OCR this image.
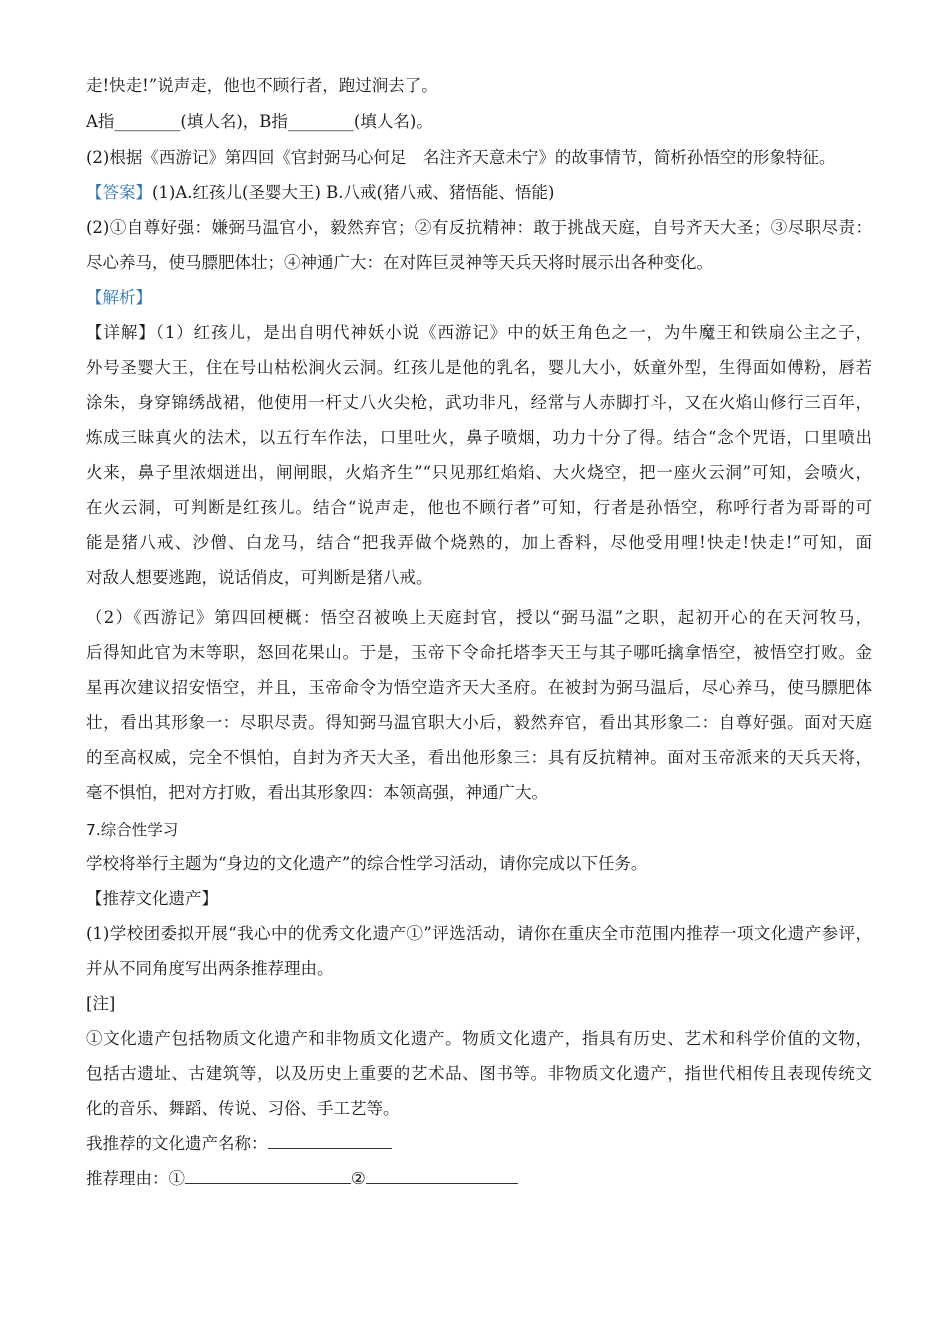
走!快走!”说声走，他也不顾行者，跑过涧去了。
A指________(填人名)，B指________(填人名)。
(2)根据《西游记》第四回《官封弼马心何足　名注齐天意未宁》的故事情节，简析孙悟空的形象特征。
【答案】(1)A.红孩儿(圣婴大王) B.八戒(猪八戒、猪悟能、悟能)
(2)①自尊好强：嫌弼马温官小，毅然弃官；②有反抗精神：敢于挑战天庭，自号齐天大圣；③尽职尽责：
尽心养马，使马膘肥体壮；④神通广大：在对阵巨灵神等天兵天将时展示出各种变化。
【解析】
【详解】（1）红孩儿，是出自明代神妖小说《西游记》中的妖王角色之一，为牛魔王和铁扇公主之子，
外号圣婴大王，住在号山枯松涧火云洞。红孩儿是他的乳名，婴儿大小，妖童外型，生得面如傅粉，唇若
涂朱，身穿锦绣战裙，他使用一杆丈八火尖枪，武功非凡，经常与人赤脚打斗，又在火焰山修行三百年，
炼成三昧真火的法术，以五行车作法，口里吐火，鼻子喷烟，功力十分了得。结合“念个咒语，口里喷出
火来，鼻子里浓烟迸出，闸闸眼，火焰齐生”“只见那红焰焰、大火烧空，把一座火云洞”可知，会喷火，
在火云洞，可判断是红孩儿。结合“说声走，他也不顾行者”可知，行者是孙悟空，称呼行者为哥哥的可
能是猪八戒、沙僧、白龙马，结合“把我弄做个烧熟的，加上香料，尽他受用哩!快走!快走!”可知，面
对敌人想要逃跑，说话俏皮，可判断是猪八戒。
（2）《西游记》第四回梗概：悟空召被唤上天庭封官，授以“弼马温”之职，起初开心的在天河牧马，
后得知此官为末等职，怒回花果山。于是，玉帝下令命托塔李天王与其子哪吒擒拿悟空，被悟空打败。金
星再次建议招安悟空，并且，玉帝命令为悟空造齐天大圣府。在被封为弼马温后，尽心养马，使马膘肥体
壮，看出其形象一：尽职尽责。得知弼马温官职大小后，毅然弃官，看出其形象二：自尊好强。面对天庭
的至高权威，完全不惧怕，自封为齐天大圣，看出他形象三：具有反抗精神。面对玉帝派来的天兵天将，
毫不惧怕，把对方打败，看出其形象四：本领高强，神通广大。
7.综合性学习
学校将举行主题为“身边的文化遗产”的综合性学习活动，请你完成以下任务。
【推荐文化遗产】
(1)学校团委拟开展“我心中的优秀文化遗产①”评选活动，请你在重庆全市范围内推荐一项文化遗产参评，
并从不同角度写出两条推荐理由。
[注]
①文化遗产包括物质文化遗产和非物质文化遗产。物质文化遗产，指具有历史、艺术和科学价值的文物，
包括古遗址、古建筑等，以及历史上重要的艺术品、图书等。非物质文化遗产，指世代相传且表现传统文
化的音乐、舞蹈、传说、习俗、手工艺等。
我推荐的文化遗产名称：
推荐理由：①	②
